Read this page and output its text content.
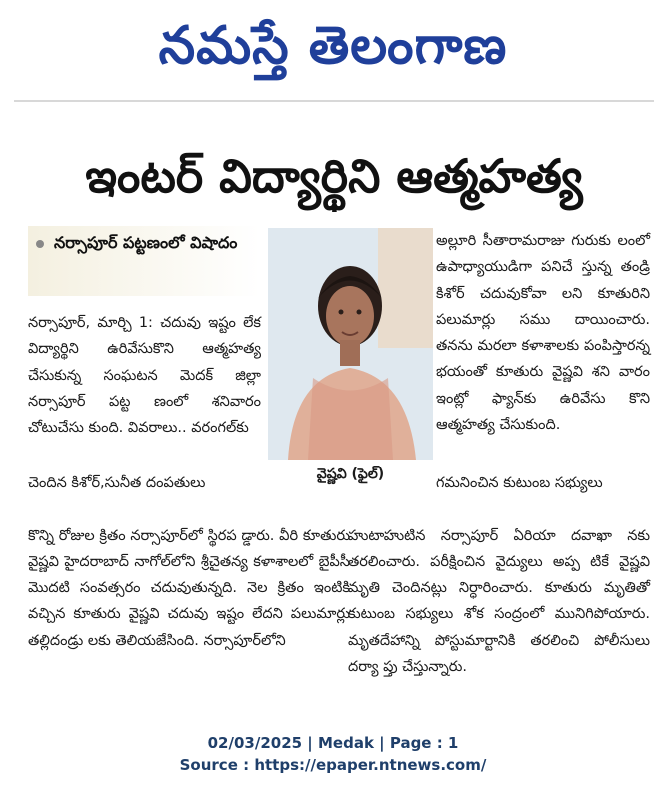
నమస్తే తెలంగాణ
ఇంటర్ విద్యార్థిని ఆత్మహత్య
నర్సాపూర్ పట్టణంలో విషాదం
వైష్ణవి (ఫైల్)

నర్సాపూర్, మార్చి 1: చదువు ఇష్టం లేక విద్యార్థిని ఉరివేసుకొని ఆత్మహత్య చేసుకున్న సంఘటన మెదక్ జిల్లా నర్సాపూర్ పట్ట ణంలో శనివారం చోటుచేసు కుంది. వివరాలు.. వరంగల్‌కు

అల్లూరి సీతారామరాజు గురుకు లంలో ఉపాధ్యాయుడిగా పనిచే స్తున్న తండ్రి కిశోర్ చదువుకోవా లని కూతురిని పలుమార్లు సము దాయించారు. తనను మరలా కళాశాలకు పంపిస్తారన్న భయంతో కూతురు వైష్ణవి శని వారం ఇంట్లో ఫ్యాన్‌కు ఉరివేసు కొని ఆత్మహత్య చేసుకుంది.

చెందిన కిశోర్,సునీత దంపతులు	గమనించిన కుటుంబ సభ్యులు

కొన్ని రోజుల క్రితం నర్సాపూర్‌లో స్థిరప డ్డారు. వీరి కూతురు వైష్ణవి హైదరాబాద్ నాగోల్‌లోని శ్రీచైతన్య కళాశాలలో బైపీసీ మొదటి సంవత్సరం చదువుతున్నది. నెల క్రితం ఇంటికి వచ్చిన కూతురు వైష్ణవి చదువు ఇష్టం లేదని పలుమార్లు తల్లిదండ్రు లకు తెలియజేసింది. నర్సాపూర్‌లోని

హుటాహుటిన నర్సాపూర్ ఏరియా దవాఖా నకు తరలించారు. పరీక్షించిన వైద్యులు అప్ప టికే వైష్ణవి మృతి చెందినట్లు నిర్ధారించారు. కూతురు మృతితో కుటుంబ సభ్యులు శోక సంద్రంలో మునిగిపోయారు. మృతదేహాన్ని పోస్టుమార్టానికి తరలించి పోలీసులు దర్యా ప్తు చేస్తున్నారు.

02/03/2025 | Medak | Page : 1
Source : https://epaper.ntnews.com/
